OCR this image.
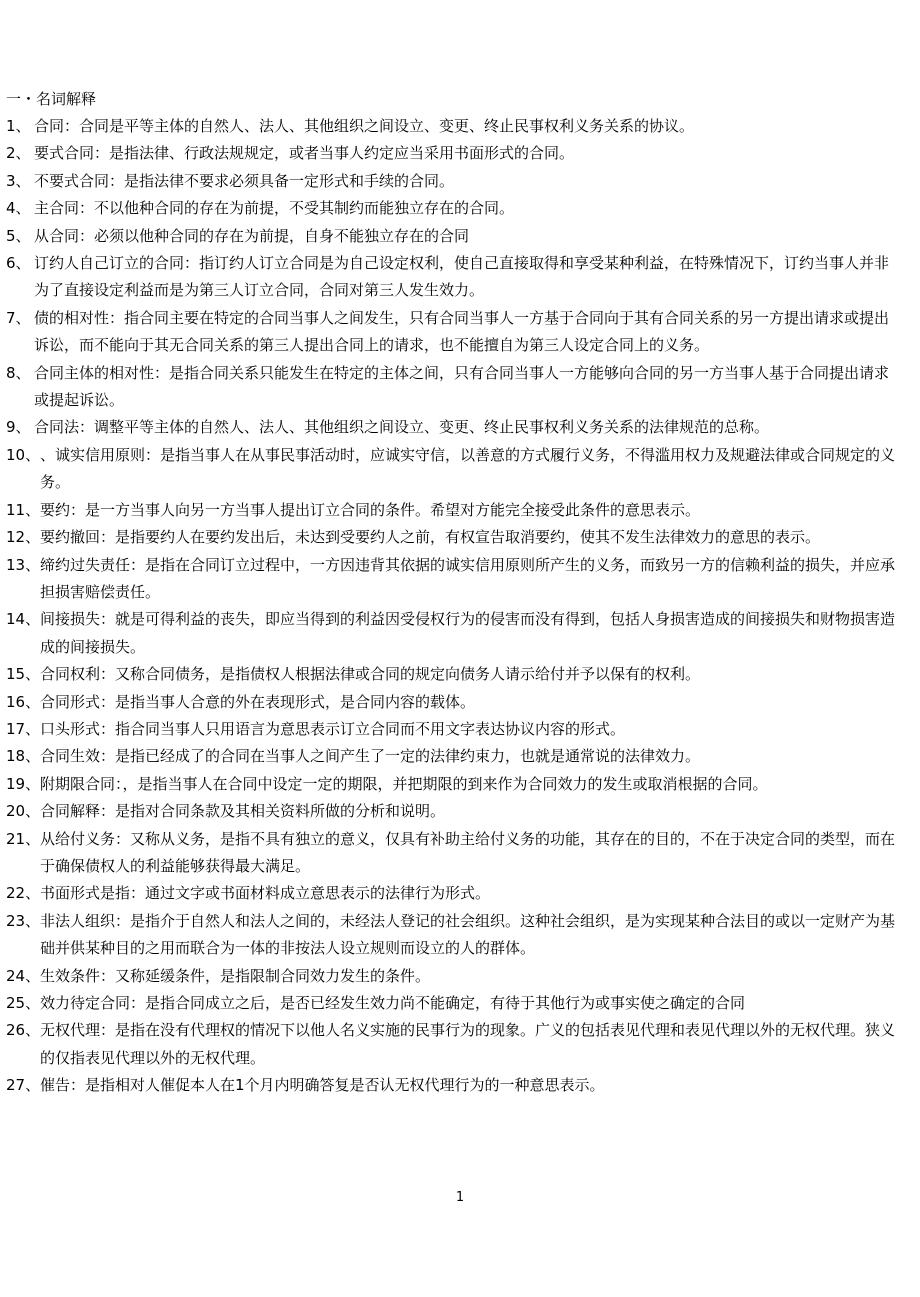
一・名词解释
1、 合同：合同是平等主体的自然人、法人、其他组织之间设立、变更、终止民事权利义务关系的协议。
2、 要式合同：是指法律、行政法规规定，或者当事人约定应当采用书面形式的合同。
3、 不要式合同：是指法律不要求必须具备一定形式和手续的合同。
4、 主合同：不以他种合同的存在为前提，不受其制约而能独立存在的合同。
5、 从合同：必须以他种合同的存在为前提，自身不能独立存在的合同
6、 订约人自己订立的合同：指订约人订立合同是为自己设定权利，使自己直接取得和享受某种利益，在特殊情况下，订约当事人并非为了直接设定利益而是为第三人订立合同，合同对第三人发生效力。
7、 债的相对性：指合同主要在特定的合同当事人之间发生，只有合同当事人一方基于合同向于其有合同关系的另一方提出请求或提出诉讼，而不能向于其无合同关系的第三人提出合同上的请求，也不能擅自为第三人设定合同上的义务。
8、 合同主体的相对性：是指合同关系只能发生在特定的主体之间，只有合同当事人一方能够向合同的另一方当事人基于合同提出请求或提起诉讼。
9、 合同法：调整平等主体的自然人、法人、其他组织之间设立、变更、终止民事权利义务关系的法律规范的总称。
10、 、诚实信用原则：是指当事人在从事民事活动时，应诚实守信，以善意的方式履行义务，不得滥用权力及规避法律或合同规定的义务。
11、 要约：是一方当事人向另一方当事人提出订立合同的条件。希望对方能完全接受此条件的意思表示。
12、 要约撤回：是指要约人在要约发出后，未达到受要约人之前，有权宣告取消要约，使其不发生法律效力的意思的表示。
13、 缔约过失责任：是指在合同订立过程中，一方因违背其依据的诚实信用原则所产生的义务，而致另一方的信赖利益的损失，并应承担损害赔偿责任。
14、 间接损失：就是可得利益的丧失，即应当得到的利益因受侵权行为的侵害而没有得到，包括人身损害造成的间接损失和财物损害造成的间接损失。
15、 合同权利：又称合同债务，是指债权人根据法律或合同的规定向债务人请示给付并予以保有的权利。
16、 合同形式：是指当事人合意的外在表现形式，是合同内容的载体。
17、 口头形式：指合同当事人只用语言为意思表示订立合同而不用文字表达协议内容的形式。
18、 合同生效：是指已经成了的合同在当事人之间产生了一定的法律约束力，也就是通常说的法律效力。
19、 附期限合同：，是指当事人在合同中设定一定的期限，并把期限的到来作为合同效力的发生或取消根据的合同。
20、 合同解释：是指对合同条款及其相关资料所做的分析和说明。
21、 从给付义务：又称从义务，是指不具有独立的意义，仅具有补助主给付义务的功能，其存在的目的，不在于决定合同的类型，而在于确保债权人的利益能够获得最大满足。
22、 书面形式是指：通过文字或书面材料成立意思表示的法律行为形式。
23、 非法人组织：是指介于自然人和法人之间的，未经法人登记的社会组织。这种社会组织，是为实现某种合法目的或以一定财产为基础并供某种目的之用而联合为一体的非按法人设立规则而设立的人的群体。
24、 生效条件：又称延缓条件，是指限制合同效力发生的条件。
25、 效力待定合同：是指合同成立之后，是否已经发生效力尚不能确定，有待于其他行为或事实使之确定的合同
26、 无权代理：是指在没有代理权的情况下以他人名义实施的民事行为的现象。广义的包括表见代理和表见代理以外的无权代理。狭义的仅指表见代理以外的无权代理。
27、 催告：是指相对人催促本人在1个月内明确答复是否认无权代理行为的一种意思表示。
1
